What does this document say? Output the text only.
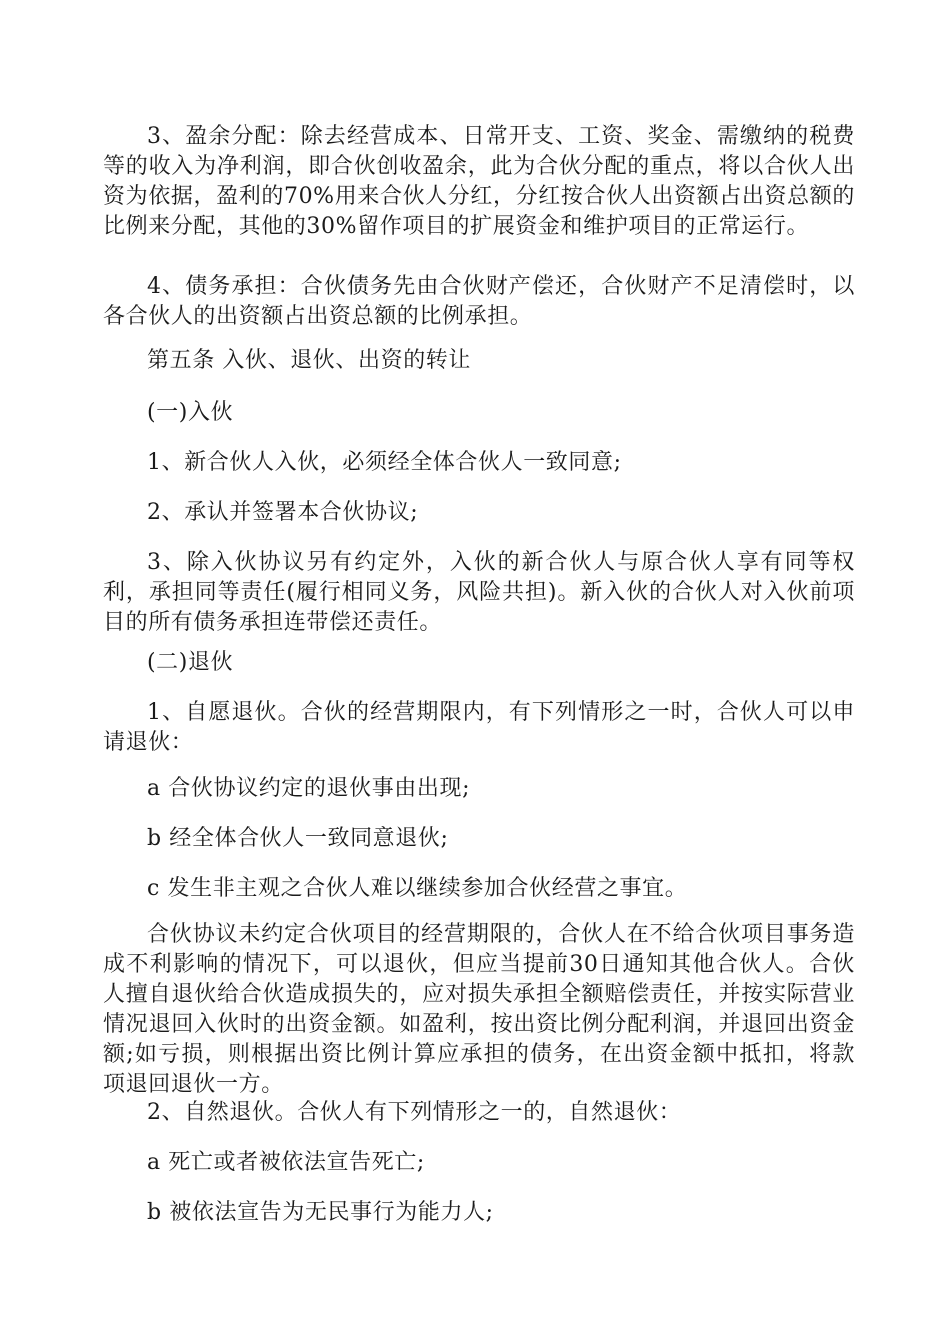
3、盈余分配：除去经营成本、日常开支、工资、奖金、需缴纳的税费等的收入为净利润，即合伙创收盈余，此为合伙分配的重点，将以合伙人出资为依据，盈利的70%用来合伙人分红，分红按合伙人出资额占出资总额的比例来分配，其他的30%留作项目的扩展资金和维护项目的正常运行。

4、债务承担：合伙债务先由合伙财产偿还，合伙财产不足清偿时，以各合伙人的出资额占出资总额的比例承担。

第五条 入伙、退伙、出资的转让

(一)入伙

1、新合伙人入伙，必须经全体合伙人一致同意;

2、承认并签署本合伙协议;

3、除入伙协议另有约定外，入伙的新合伙人与原合伙人享有同等权利，承担同等责任(履行相同义务，风险共担)。新入伙的合伙人对入伙前项目的所有债务承担连带偿还责任。

(二)退伙

1、自愿退伙。合伙的经营期限内，有下列情形之一时，合伙人可以申请退伙：

a 合伙协议约定的退伙事由出现;

b 经全体合伙人一致同意退伙;

c 发生非主观之合伙人难以继续参加合伙经营之事宜。

合伙协议未约定合伙项目的经营期限的，合伙人在不给合伙项目事务造成不利影响的情况下，可以退伙，但应当提前30日通知其他合伙人。合伙人擅自退伙给合伙造成损失的，应对损失承担全额赔偿责任，并按实际营业情况退回入伙时的出资金额。如盈利，按出资比例分配利润，并退回出资金额;如亏损，则根据出资比例计算应承担的债务，在出资金额中抵扣，将款项退回退伙一方。

2、自然退伙。合伙人有下列情形之一的，自然退伙：

a 死亡或者被依法宣告死亡;

b 被依法宣告为无民事行为能力人;
